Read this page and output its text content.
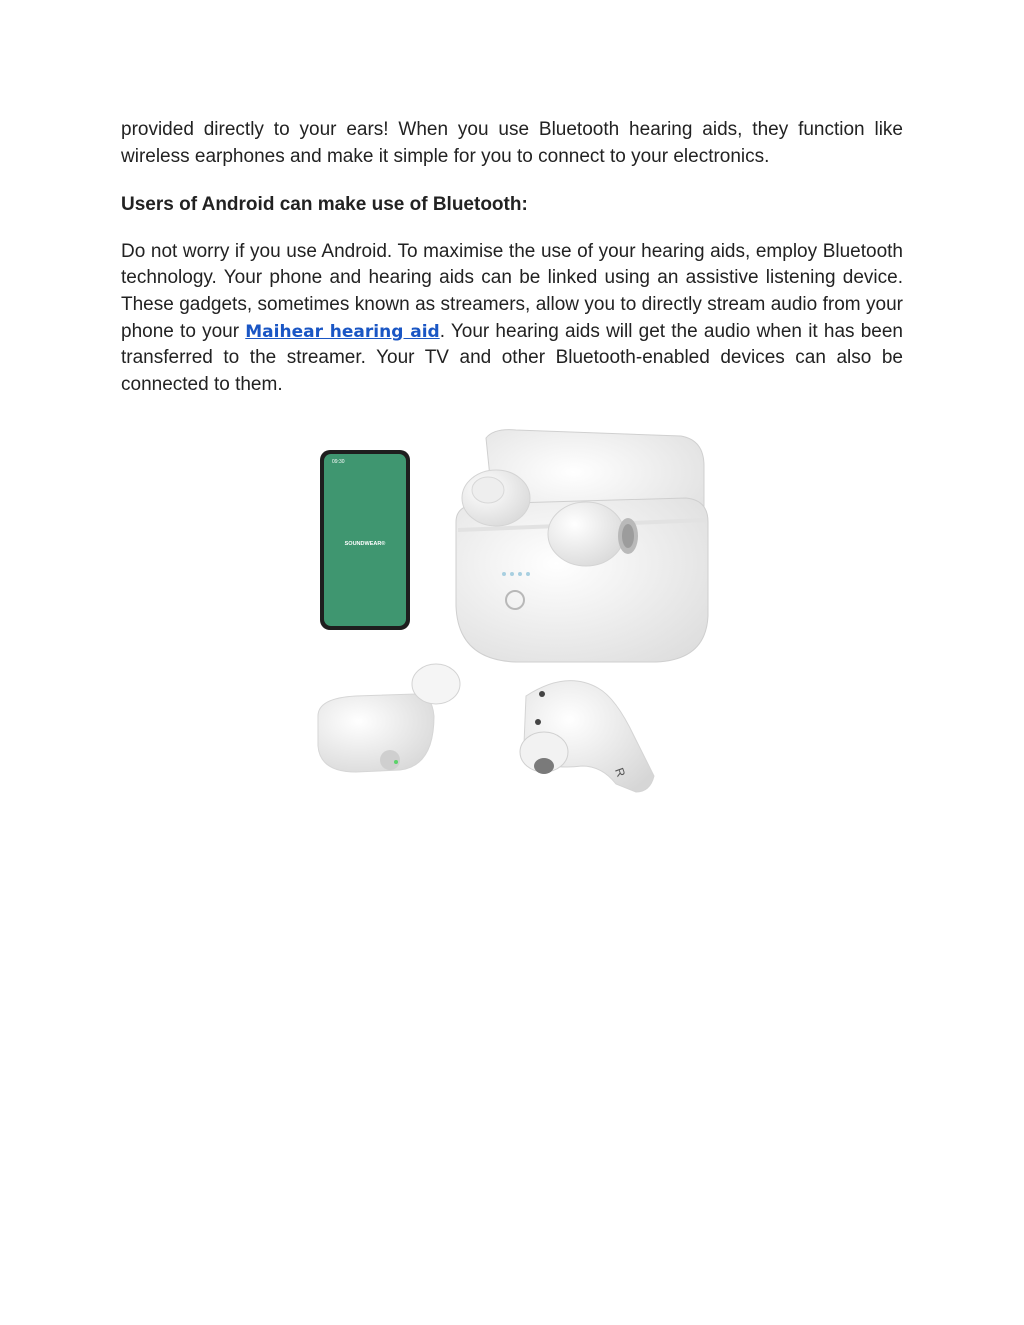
provided directly to your ears! When you use Bluetooth hearing aids, they function like wireless earphones and make it simple for you to connect to your electronics.

Users of Android can make use of Bluetooth:

Do not worry if you use Android. To maximise the use of your hearing aids, employ Bluetooth technology. Your phone and hearing aids can be linked using an assistive listening device. These gadgets, sometimes known as streamers, allow you to directly stream audio from your phone to your Maihear hearing aid. Your hearing aids will get the audio when it has been transferred to the streamer. Your TV and other Bluetooth-enabled devices can also be connected to them.

09:30
SOUNDWEAR®
R
